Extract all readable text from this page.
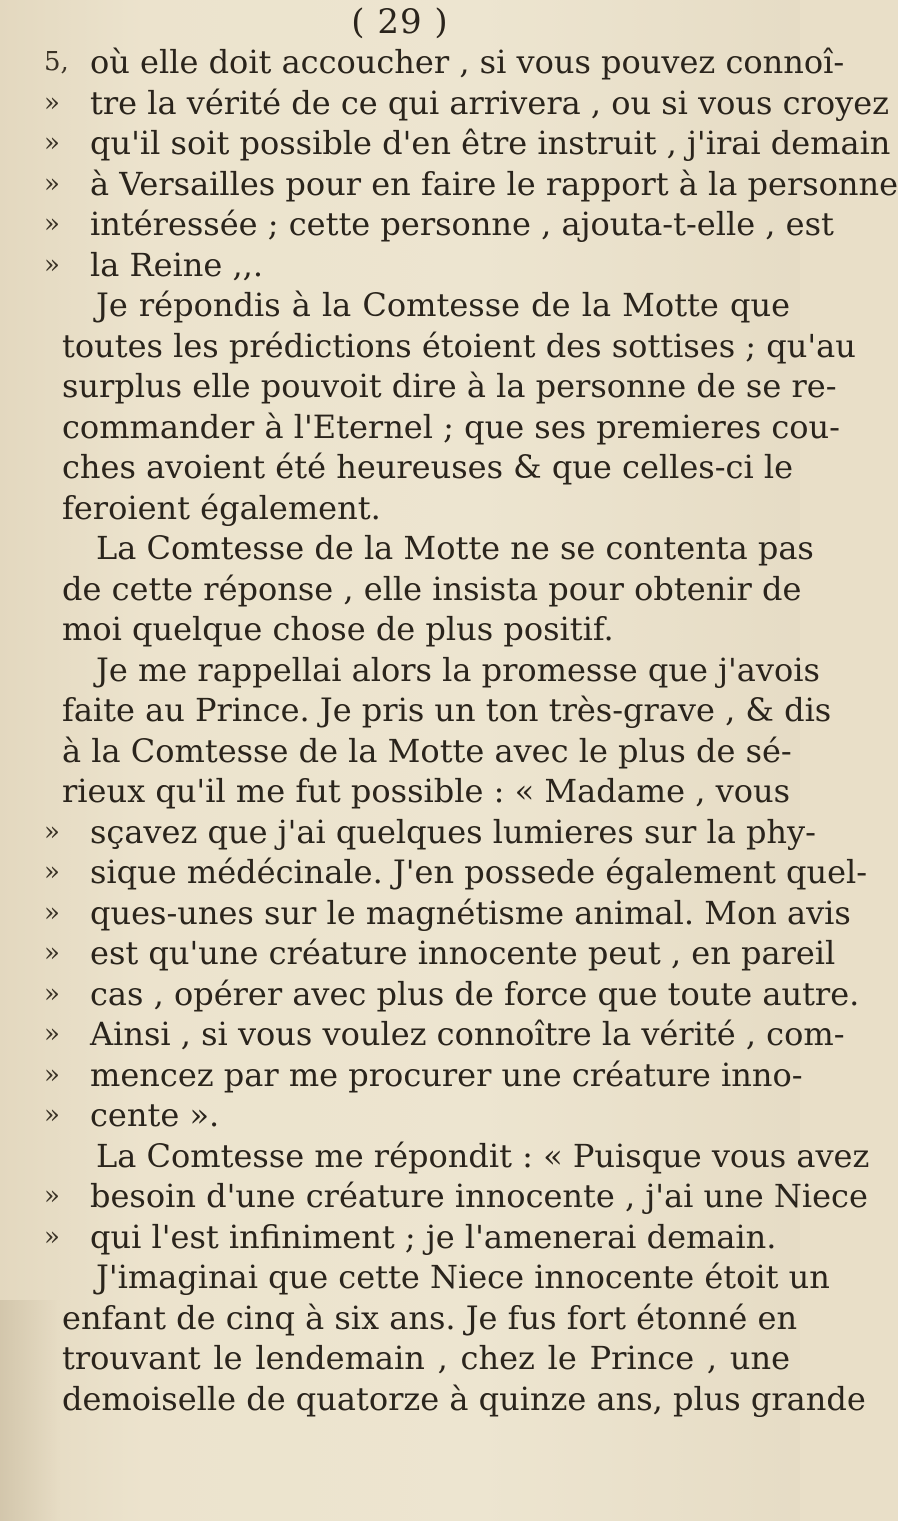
( 29 )
5, où elle doit accoucher , si vous pouvez connoî-
» tre la vérité de ce qui arrivera , ou si vous croyez
» qu'il soit possible d'en être instruit , j'irai demain
» à Versailles pour en faire le rapport à la personne
» intéressée ; cette personne , ajouta-t-elle , est
» la Reine ,,.
Je répondis à la Comtesse de la Motte que
toutes les prédictions étoient des sottises ; qu'au
surplus elle pouvoit dire à la personne de se re-
commander à l'Eternel ; que ses premieres cou-
ches avoient été heureuses & que celles-ci le
feroient également.
La Comtesse de la Motte ne se contenta pas
de cette réponse , elle insista pour obtenir de
moi quelque chose de plus positif.
Je me rappellai alors la promesse que j'avois
faite au Prince. Je pris un ton très-grave , & dis
à la Comtesse de la Motte avec le plus de sé-
rieux qu'il me fut possible : « Madame , vous
» sçavez que j'ai quelques lumieres sur la phy-
» sique médécinale. J'en possede également quel-
» ques-unes sur le magnétisme animal. Mon avis
» est qu'une créature innocente peut , en pareil
» cas , opérer avec plus de force que toute autre.
» Ainsi , si vous voulez connoître la vérité , com-
» mencez par me procurer une créature inno-
» cente ».
La Comtesse me répondit : « Puisque vous avez
» besoin d'une créature innocente , j'ai une Niece
» qui l'est infiniment ; je l'amenerai demain.
J'imaginai que cette Niece innocente étoit un
enfant de cinq à six ans. Je fus fort étonné en
trouvant le lendemain , chez le Prince , une
demoiselle de quatorze à quinze ans, plus grande
